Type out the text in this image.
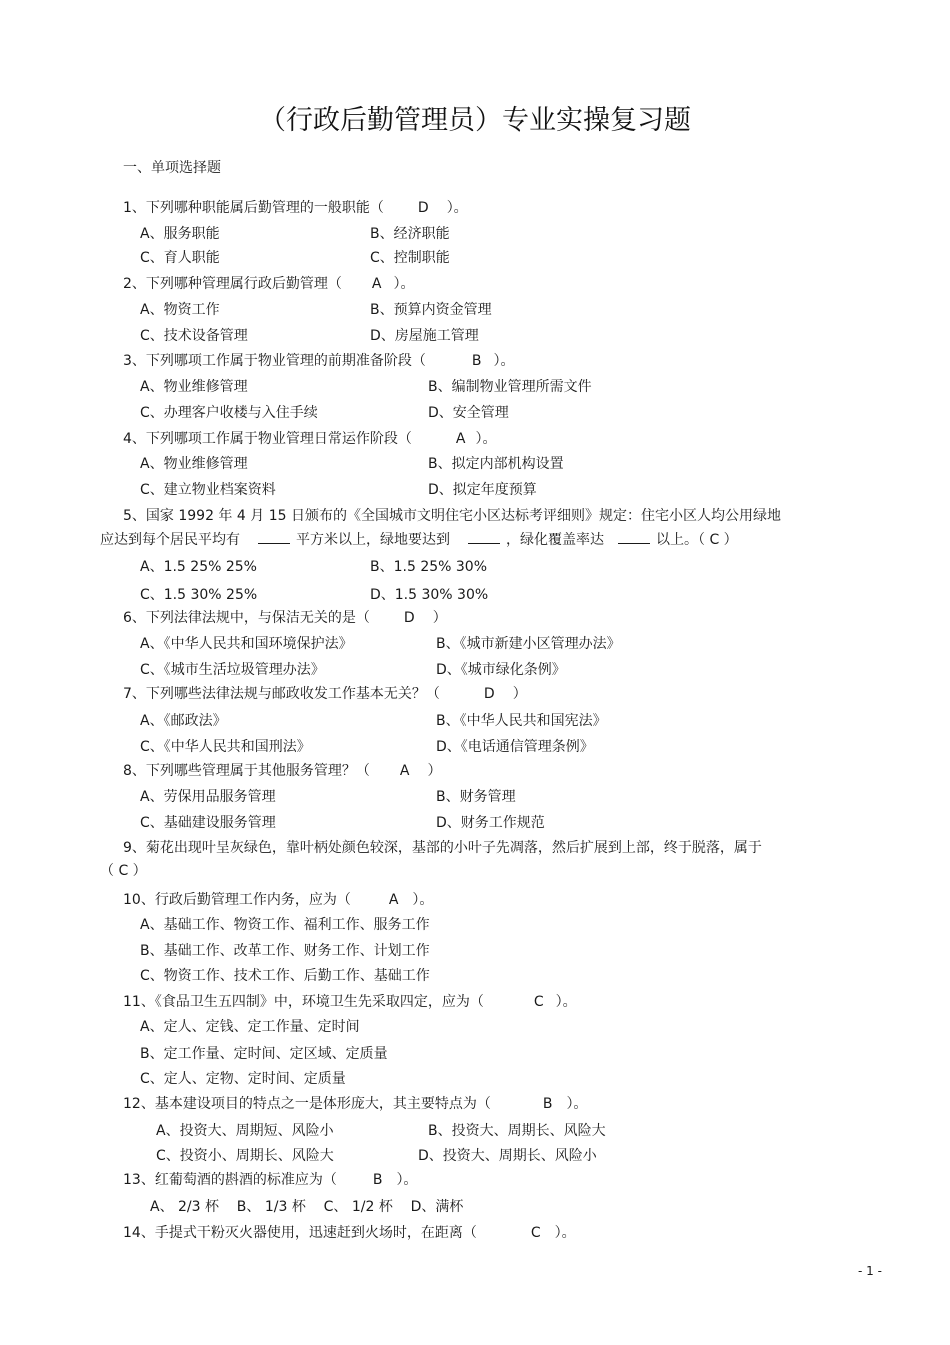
（行政后勤管理员）专业实操复习题
一、单项选择题
1、下列哪种职能属后勤管理的一般职能（ D ）。
A、服务职能	B、经济职能
C、育人职能	C、控制职能
2、下列哪种管理属行政后勤管理（ A ）。
A、物资工作	B、预算内资金管理
C、技术设备管理	D、房屋施工管理
3、下列哪项工作属于物业管理的前期准备阶段（	B ）。
A、物业维修管理	B、编制物业管理所需文件
C、办理客户收楼与入住手续	D、安全管理
4、下列哪项工作属于物业管理日常运作阶段（	A ）。
A、物业维修管理	B、拟定内部机构设置
C、建立物业档案资料	D、拟定年度预算
5、国家 1992 年 4 月 15 日颁布的《全国城市文明住宅小区达标考评细则》规定：住宅小区人均公用绿地
应达到每个居民平均有	平方米以上，绿地要达到	，绿化覆盖率达	以上。（ C ）
A、1.5 25% 25%	B、1.5 25% 30%
C、1.5 30% 25%	D、1.5 30% 30%
6、下列法律法规中，与保洁无关的是（ D ）
A、《中华人民共和国环境保护法》	B、《城市新建小区管理办法》
C、《城市生活垃圾管理办法》	D、《城市绿化条例》
7、下列哪些法律法规与邮政收发工作基本无关？（	D ）
A、《邮政法》	B、《中华人民共和国宪法》
C、《中华人民共和国刑法》	D、《电话通信管理条例》
8、下列哪些管理属于其他服务管理？（ A ）
A、劳保用品服务管理	B、财务管理
C、基础建设服务管理	D、财务工作规范
9、菊花出现叶呈灰绿色，靠叶柄处颜色较深，基部的小叶子先凋落，然后扩展到上部，终于脱落，属于
（ C ）
10、行政后勤管理工作内务，应为（	A ）。
A、基础工作、物资工作、福利工作、服务工作
B、基础工作、改革工作、财务工作、计划工作
C、物资工作、技术工作、后勤工作、基础工作
11、《食品卫生五四制》中，环境卫生先采取四定，应为（	C ）。
A、定人、定钱、定工作量、定时间
B、定工作量、定时间、定区域、定质量
C、定人、定物、定时间、定质量
12、基本建设项目的特点之一是体形庞大，其主要特点为（	B ）。
A、投资大、周期短、风险小	B、投资大、周期长、风险大
C、投资小、周期长、风险大	D、投资大、周期长、风险小
13、红葡萄酒的斟酒的标准应为（	B ）。
A、 2/3 杯    B、 1/3 杯    C、 1/2 杯    D、满杯
14、手提式干粉灭火器使用，迅速赶到火场时，在距离（	C ）。
- 1 -
